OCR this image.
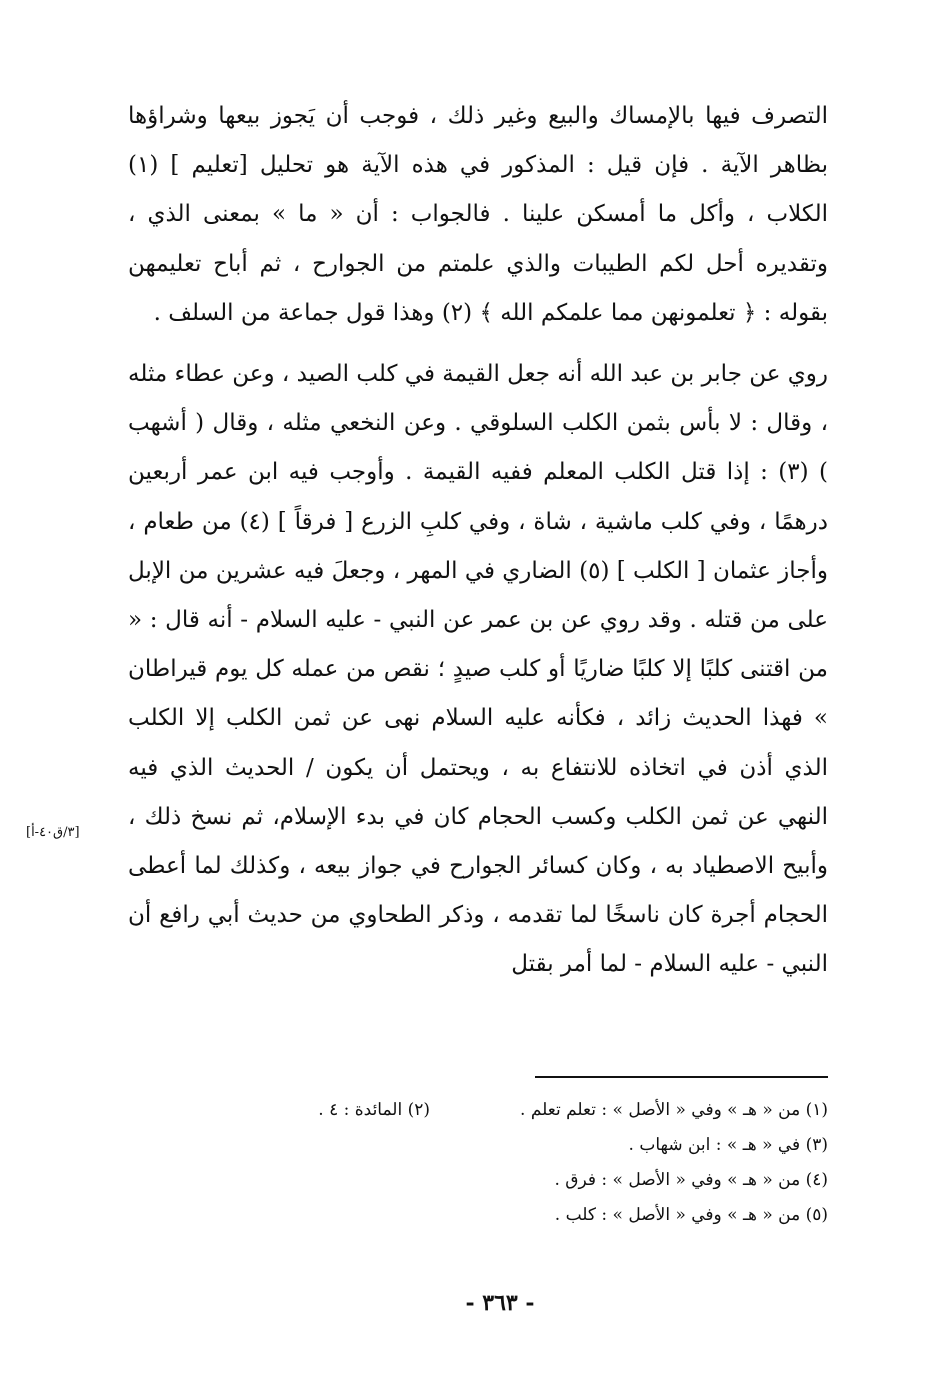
التصرف فيها بالإمساك والبيع وغير ذلك ، فوجب أن يَجوز بيعها وشراؤها بظاهر الآية . فإن قيل : المذكور في هذه الآية هو تحليل [تعليم ] (١) الكلاب ، وأكل ما أمسكن علينا . فالجواب : أن « ما » بمعنى الذي ، وتقديره أحل لكم الطيبات والذي علمتم من الجوارح ، ثم أباح تعليمهن بقوله : ﴿ تعلمونهن مما علمكم الله ﴾ (٢) وهذا قول جماعة من السلف .

روي عن جابر بن عبد الله أنه جعل القيمة في كلب الصيد ، وعن عطاء مثله ، وقال : لا بأس بثمن الكلب السلوقي . وعن النخعي مثله ، وقال ( أشهب ) (٣) : إذا قتل الكلب المعلم ففيه القيمة . وأوجب فيه ابن عمر أربعين درهمًا ، وفي كلب ماشية ، شاة ، وفي كلبِ الزرع [ فرقاً ] (٤) من طعام ، وأجاز عثمان [ الكلب ] (٥) الضاري في المهر ، وجعلَ فيه عشرين من الإبل على من قتله . وقد روي عن بن عمر عن النبي - عليه السلام - أنه قال : « من اقتنى كلبًا إلا كلبًا ضاريًا أو كلب صيدٍ ؛ نقص من عمله كل يوم قيراطان » فهذا الحديث زائد ، فكأنه عليه السلام نهى عن ثمن الكلب إلا الكلب الذي أذن في اتخاذه للانتفاع به ، ويحتمل أن يكون / الحديث الذي فيه النهي عن ثمن الكلب وكسب الحجام كان في بدء الإسلام، ثم نسخ ذلك ، وأبيح الاصطياد به ، وكان كسائر الجوارح في جواز بيعه ، وكذلك لما أعطى الحجام أجرة كان ناسخًا لما تقدمه ، وذكر الطحاوي من حديث أبي رافع أن النبي - عليه السلام - لما أمر بقتل

[٣/ق٤٠-أ]
(١) من « هـ » وفي « الأصل » : تعلم تعلم .
(٢) المائدة : ٤ .
(٣) في « هـ » : ابن شهاب .
(٤) من « هـ » وفي « الأصل » : فرق .
(٥) من « هـ » وفي « الأصل » : كلب .
- ٣٦٣ -
